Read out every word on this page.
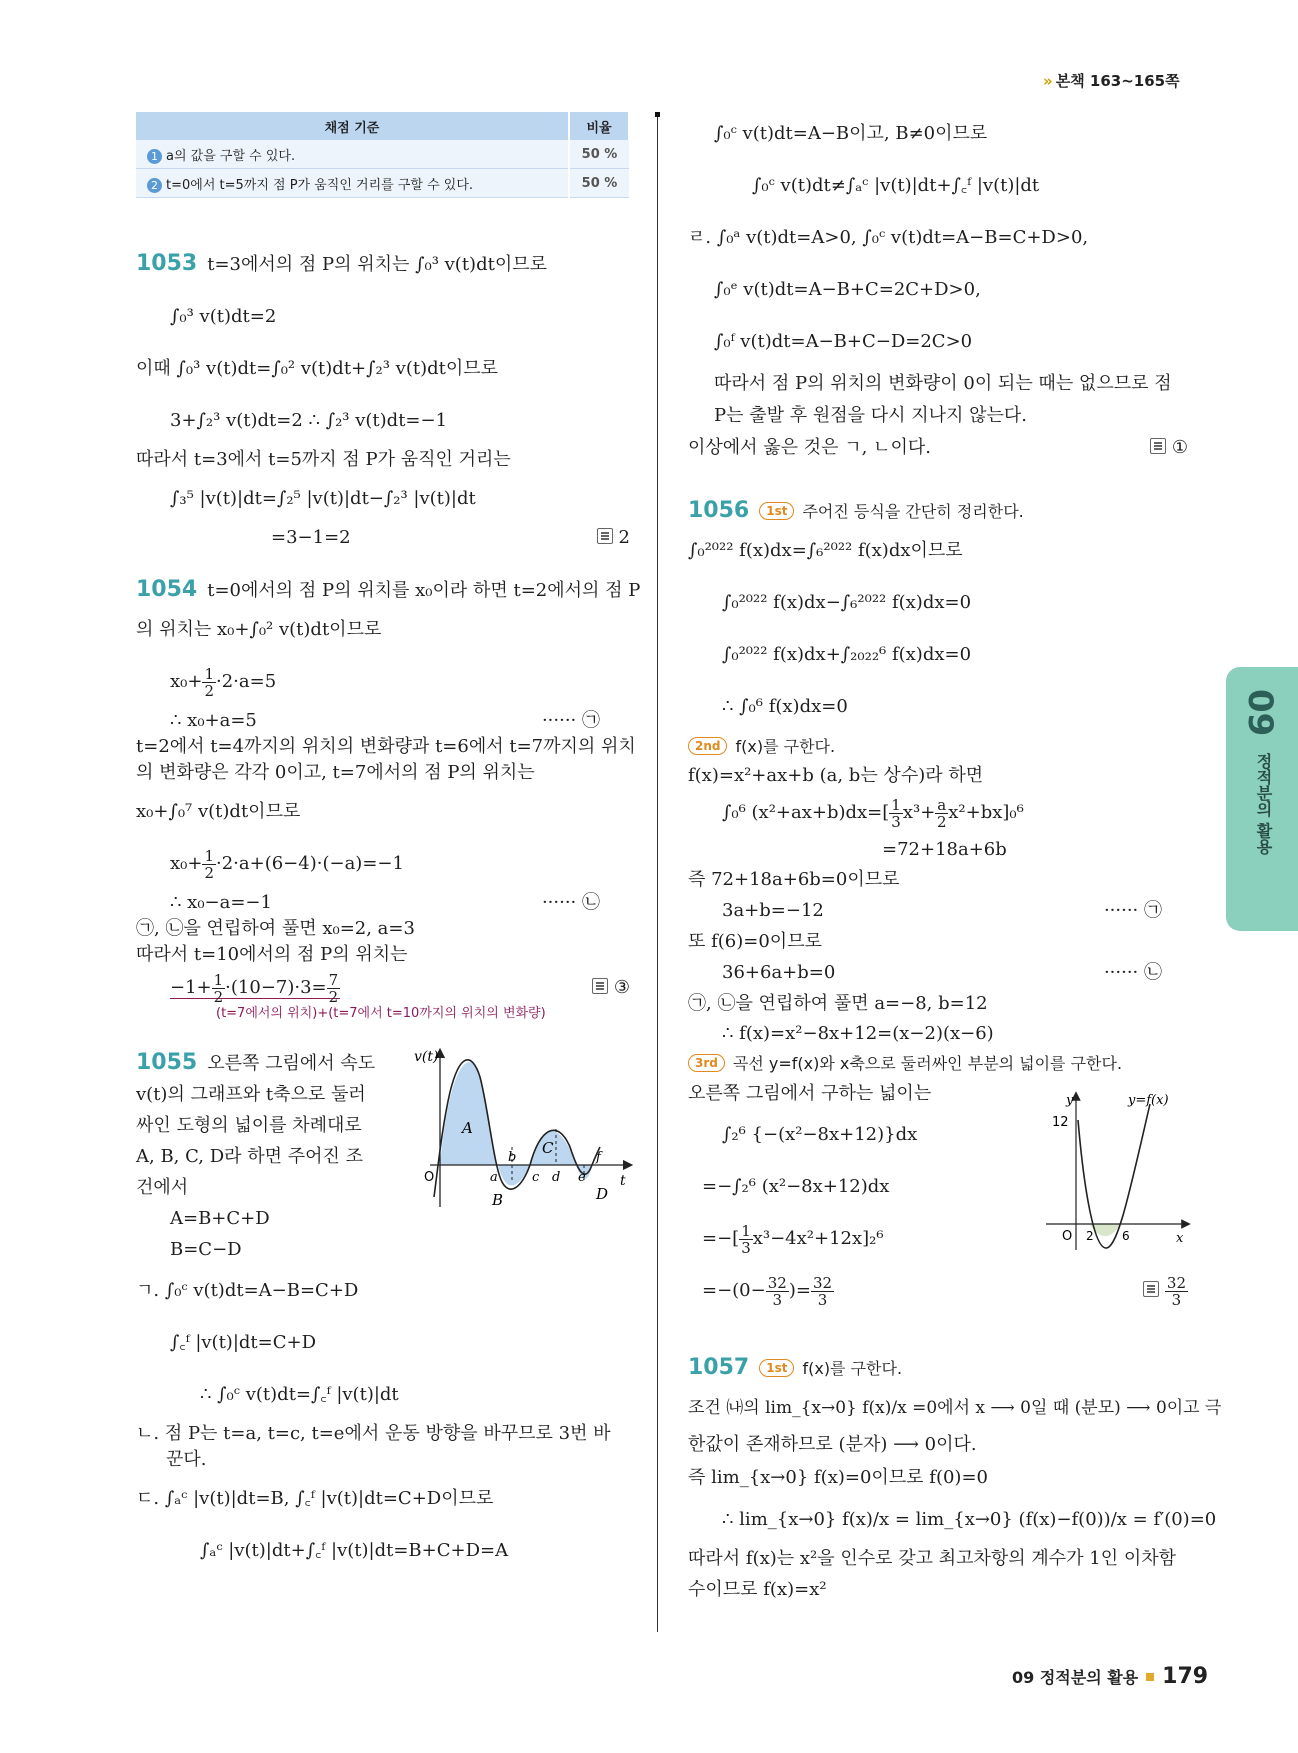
» 본책 163~165쪽
채점 기준	비율
1 a의 값을 구할 수 있다.	50 %
2 t=0에서 t=5까지 점 P가 움직인 거리를 구할 수 있다.	50 %
1053 t=3에서의 점 P의 위치는 ∫₀³ v(t)dt이므로
∫₀³ v(t)dt=2
이때 ∫₀³ v(t)dt=∫₀² v(t)dt+∫₂³ v(t)dt이므로
3+∫₂³ v(t)dt=2 ∴ ∫₂³ v(t)dt=−1
따라서 t=3에서 t=5까지 점 P가 움직인 거리는
∫₃⁵ |v(t)|dt=∫₂⁵ |v(t)|dt−∫₂³ |v(t)|dt
=3−1=2	2
1054 t=0에서의 점 P의 위치를 x₀이라 하면 t=2에서의 점 P
의 위치는 x₀+∫₀² v(t)dt이므로
$x_0+ \frac{1}{2} \cdot 2\cdot a=5$
∴ x₀+a=5	······ ㉠
t=2에서 t=4까지의 위치의 변화량과 t=6에서 t=7까지의 위치
의 변화량은 각각 0이고, t=7에서의 점 P의 위치는
x₀+∫₀⁷ v(t)dt이므로
$x_0+ \frac{1}{2} \cdot 2\cdot a+(6-4)\cdot(-a)=-1$
∴ x₀−a=−1	······ ㉡
㉠, ㉡을 연립하여 풀면 x₀=2, a=3
따라서 t=10에서의 점 P의 위치는
$-1+ \frac{1}{2} \cdot(10-7)\cdot 3= \frac{7}{2}$	③
(t=7에서의 위치)+(t=7에서 t=10까지의 위치의 변화량)
1055 오른쪽 그림에서 속도
v(t)의 그래프와 t축으로 둘러
싸인 도형의 넓이를 차례대로
A, B, C, D라 하면 주어진 조
건에서
A=B+C+D
B=C−D
ㄱ. ∫₀ᶜ v(t)dt=A−B=C+D
∫꜀ᶠ |v(t)|dt=C+D
∴ ∫₀ᶜ v(t)dt=∫꜀ᶠ |v(t)|dt
ㄴ. 점 P는 t=a, t=c, t=e에서 운동 방향을 바꾸므로 3번 바
꾼다.
ㄷ. ∫ₐᶜ |v(t)|dt=B, ∫꜀ᶠ |v(t)|dt=C+D이므로
∫ₐᶜ |v(t)|dt+∫꜀ᶠ |v(t)|dt=B+C+D=A
v(t)
t
O
A
B
C
D
a
b
c d e
f
∫₀ᶜ v(t)dt=A−B이고, B≠0이므로
∫₀ᶜ v(t)dt≠∫ₐᶜ |v(t)|dt+∫꜀ᶠ |v(t)|dt
ㄹ. ∫₀ᵃ v(t)dt=A>0, ∫₀ᶜ v(t)dt=A−B=C+D>0,
∫₀ᵉ v(t)dt=A−B+C=2C+D>0,
∫₀ᶠ v(t)dt=A−B+C−D=2C>0
따라서 점 P의 위치의 변화량이 0이 되는 때는 없으므로 점
P는 출발 후 원점을 다시 지나지 않는다.
이상에서 옳은 것은 ㄱ, ㄴ이다.	①
1056 1st 주어진 등식을 간단히 정리한다.
∫₀²⁰²² f(x)dx=∫₆²⁰²² f(x)dx이므로
∫₀²⁰²² f(x)dx−∫₆²⁰²² f(x)dx=0
∫₀²⁰²² f(x)dx+∫₂₀₂₂⁶ f(x)dx=0
∴ ∫₀⁶ f(x)dx=0
2nd f(x)를 구한다.
f(x)=x²+ax+b (a, b는 상수)라 하면
∫₀⁶ $(x^2+ax+b)dx=[ \frac{1}{3} x^3+ \frac{a}{2} x^2+bx]_0^6$
=72+18a+6b
즉 72+18a+6b=0이므로
3a+b=−12	······ ㉠
또 f(6)=0이므로
36+6a+b=0	······ ㉡
㉠, ㉡을 연립하여 풀면 a=−8, b=12
∴ f(x)=x²−8x+12=(x−2)(x−6)
3rd 곡선 y=f(x)와 x축으로 둘러싸인 부분의 넓이를 구한다.
오른쪽 그림에서 구하는 넓이는
∫₂⁶ {−(x²−8x+12)}dx
=−∫₂⁶ (x²−8x+12)dx
=−[ $\frac{1}{3} x^3-4x^2+12x]_2^6$
$=-(0- \frac{32}{3}$ )= $\frac{32}{3}$	$\frac{32}{3}$
y	y=f(x)
12
O 2 6	x
1057 1st f(x)를 구한다.
조건 ㈏의 lim_{x→0} f(x)/x =0에서 x ⟶ 0일 때 (분모) ⟶ 0이고 극
한값이 존재하므로 (분자) ⟶ 0이다.
즉 lim_{x→0} f(x)=0이므로 f(0)=0
∴ lim_{x→0} f(x)/x = lim_{x→0} (f(x)−f(0))/x = f′(0)=0
따라서 f(x)는 x²을 인수로 갖고 최고차항의 계수가 1인 이차함
수이므로 f(x)=x²
09
정적분의 활용
09 정적분의 활용 179
